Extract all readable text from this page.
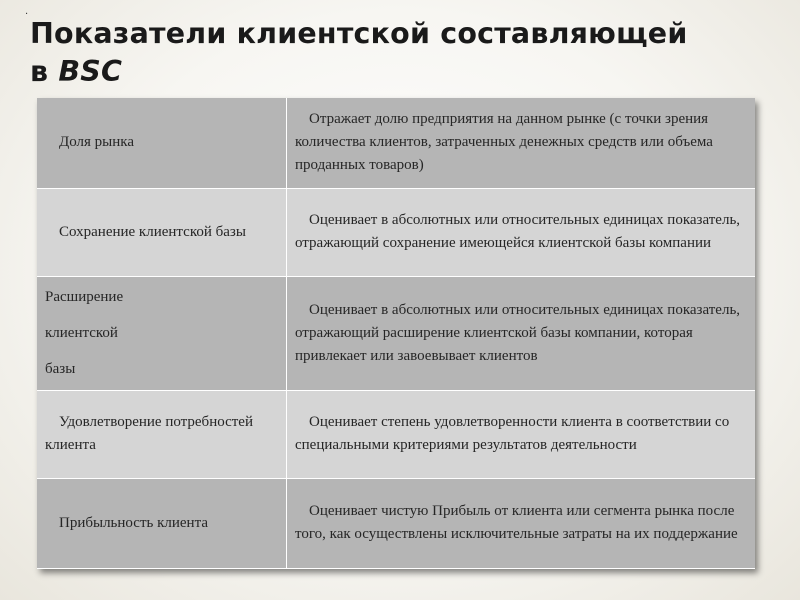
.
Показатели клиентской составляющей
в BSC
Доля рынка	Отражает долю предприятия на данном рынке (с точки зрения количества клиентов, затраченных денежных средств или объема проданных товаров)
Сохранение клиентской базы	Оценивает в абсолютных или относительных единицах показатель, отражающий сохранение имеющейся клиентской базы компании

Расширение
клиентской
базы	Оценивает в абсолютных или относительных единицах показатель, отражающий расширение клиентской базы компании, которая привлекает или завоевывает клиентов
Удовлетворение потребностей клиента	Оценивает степень удовлетворенности клиента в соответствии со специальными критериями результатов деятельности
Прибыльность клиента	Оценивает чистую Прибыль от клиента или сегмента рынка после того, как осуществлены исключительные затраты на их поддержание
